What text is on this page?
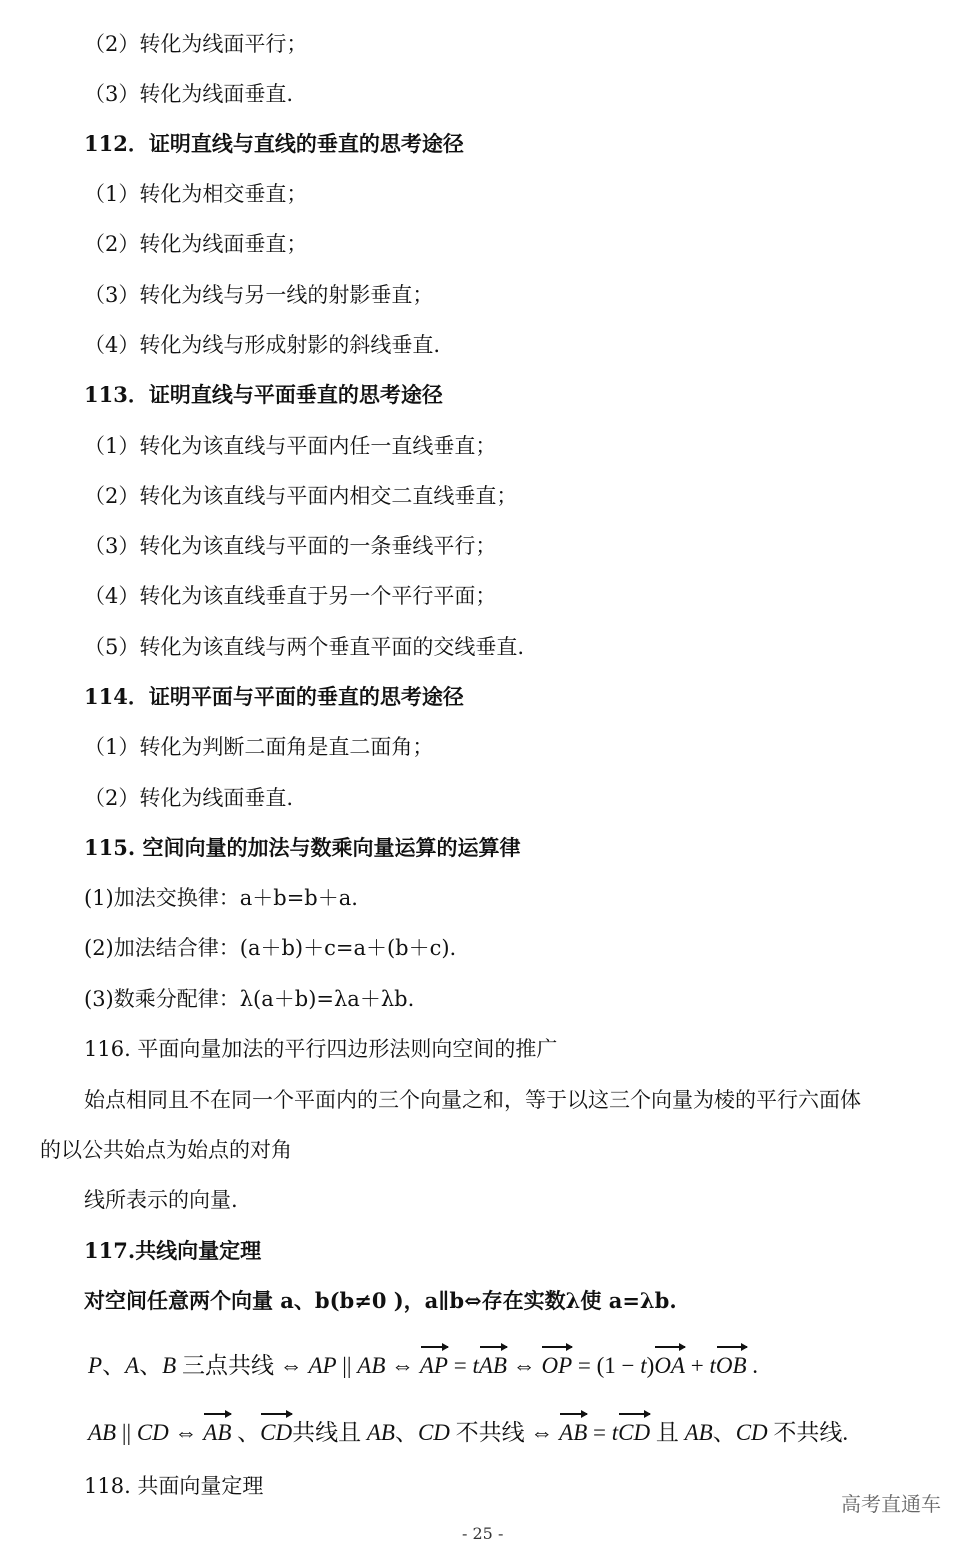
（2）转化为线面平行；
（3）转化为线面垂直.
112．证明直线与直线的垂直的思考途径
（1）转化为相交垂直；
（2）转化为线面垂直；
（3）转化为线与另一线的射影垂直；
（4）转化为线与形成射影的斜线垂直.
113．证明直线与平面垂直的思考途径
（1）转化为该直线与平面内任一直线垂直；
（2）转化为该直线与平面内相交二直线垂直；
（3）转化为该直线与平面的一条垂线平行；
（4）转化为该直线垂直于另一个平行平面；
（5）转化为该直线与两个垂直平面的交线垂直.
114．证明平面与平面的垂直的思考途径
（1）转化为判断二面角是直二面角；
（2）转化为线面垂直.
115. 空间向量的加法与数乘向量运算的运算律
(1)加法交换律：a＋b=b＋a.
(2)加法结合律：(a＋b)＋c=a＋(b＋c).
(3)数乘分配律：λ(a＋b)=λa＋λb.
116. 平面向量加法的平行四边形法则向空间的推广
始点相同且不在同一个平面内的三个向量之和，等于以这三个向量为棱的平行六面体
的以公共始点为始点的对角
线所表示的向量.
117.共线向量定理
对空间任意两个向量 a、b(b≠0 )，a∥b⇔存在实数λ使 a=λb.
P、A、B 三点共线 ⇔ AP || AB ⇔ AP = tAB ⇔ OP = (1 − t)OA + tOB .
AB || CD ⇔ AB 、CD共线且 AB、CD 不共线 ⇔ AB = tCD 且 AB、CD 不共线.
118. 共面向量定理
高考直通车
- 25 -
